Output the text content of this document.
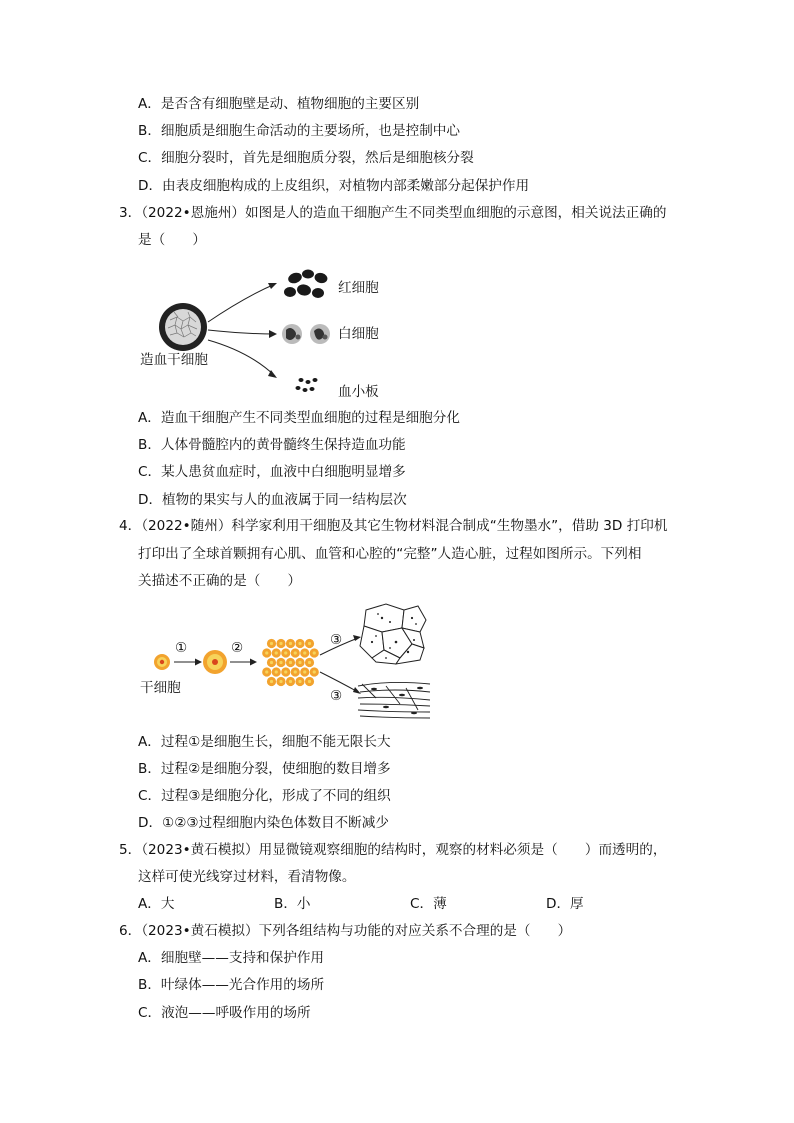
A．是否含有细胞壁是动、植物细胞的主要区别
B．细胞质是细胞生命活动的主要场所，也是控制中心
C．细胞分裂时，首先是细胞质分裂，然后是细胞核分裂
D．由表皮细胞构成的上皮组织，对植物内部柔嫩部分起保护作用
3．（2022•恩施州）如图是人的造血干细胞产生不同类型血细胞的示意图，相关说法正确的
是（　　）
红细胞
白细胞
造血干细胞
血小板
A．造血干细胞产生不同类型血细胞的过程是细胞分化
B．人体骨髓腔内的黄骨髓终生保持造血功能
C．某人患贫血症时，血液中白细胞明显增多
D．植物的果实与人的血液属于同一结构层次
4．（2022•随州）科学家利用干细胞及其它生物材料混合制成“生物墨水”，借助 3D 打印机
打印出了全球首颗拥有心肌、血管和心腔的“完整”人造心脏，过程如图所示。下列相
关描述不正确的是（　　）
①	②	③
③
干细胞
A．过程①是细胞生长，细胞不能无限长大
B．过程②是细胞分裂，使细胞的数目增多
C．过程③是细胞分化，形成了不同的组织
D．①②③过程细胞内染色体数目不断减少
5．（2023•黄石模拟）用显微镜观察细胞的结构时，观察的材料必须是（　　）而透明的，
这样可使光线穿过材料，看清物像。
A．大	B．小	C．薄	D．厚
6．（2023•黄石模拟）下列各组结构与功能的对应关系不合理的是（　　）
A．细胞壁——支持和保护作用
B．叶绿体——光合作用的场所
C．液泡——呼吸作用的场所
